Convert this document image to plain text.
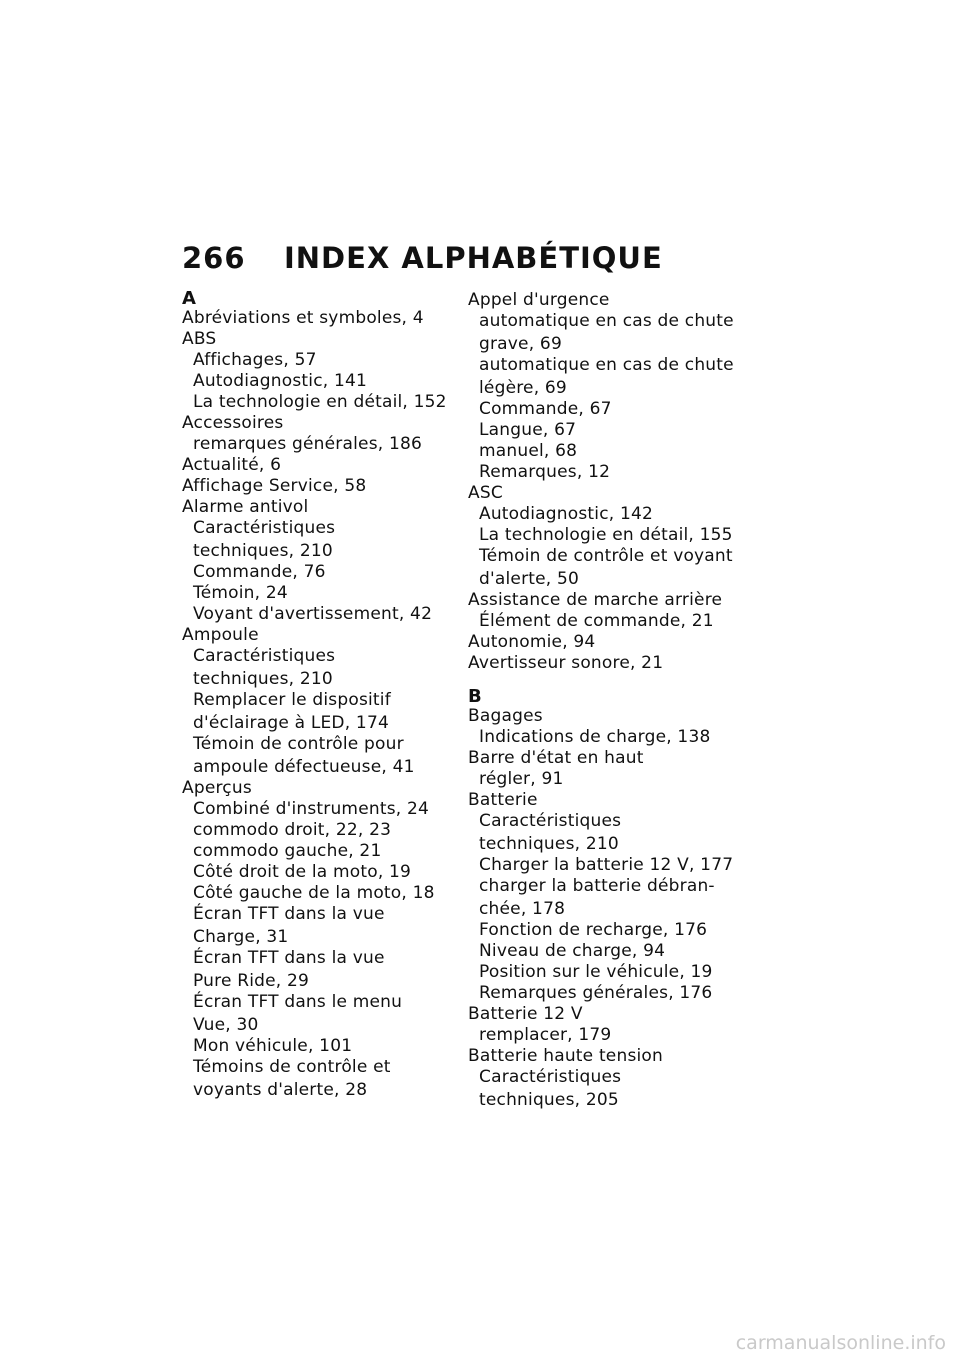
266 INDEX ALPHABÉTIQUE
A
Abréviations et symboles, 4
ABS
Affichages, 57
Autodiagnostic, 141
La technologie en détail, 152
Accessoires
remarques générales, 186
Actualité, 6
Affichage Service, 58
Alarme antivol
Caractéristiques
techniques, 210
Commande, 76
Témoin, 24
Voyant d'avertissement, 42
Ampoule
Caractéristiques
techniques, 210
Remplacer le dispositif
d'éclairage à LED, 174
Témoin de contrôle pour
ampoule défectueuse, 41
Aperçus
Combiné d'instruments, 24
commodo droit, 22, 23
commodo gauche, 21
Côté droit de la moto, 19
Côté gauche de la moto, 18
Écran TFT dans la vue
Charge, 31
Écran TFT dans la vue
Pure Ride, 29
Écran TFT dans le menu
Vue, 30
Mon véhicule, 101
Témoins de contrôle et
voyants d'alerte, 28
Appel d'urgence
automatique en cas de chute
grave, 69
automatique en cas de chute
légère, 69
Commande, 67
Langue, 67
manuel, 68
Remarques, 12
ASC
Autodiagnostic, 142
La technologie en détail, 155
Témoin de contrôle et voyant
d'alerte, 50
Assistance de marche arrière
Élément de commande, 21
Autonomie, 94
Avertisseur sonore, 21
B
Bagages
Indications de charge, 138
Barre d'état en haut
régler, 91
Batterie
Caractéristiques
techniques, 210
Charger la batterie 12 V, 177
charger la batterie débran-
chée, 178
Fonction de recharge, 176
Niveau de charge, 94
Position sur le véhicule, 19
Remarques générales, 176
Batterie 12 V
remplacer, 179
Batterie haute tension
Caractéristiques
techniques, 205
carmanualsonline.info
